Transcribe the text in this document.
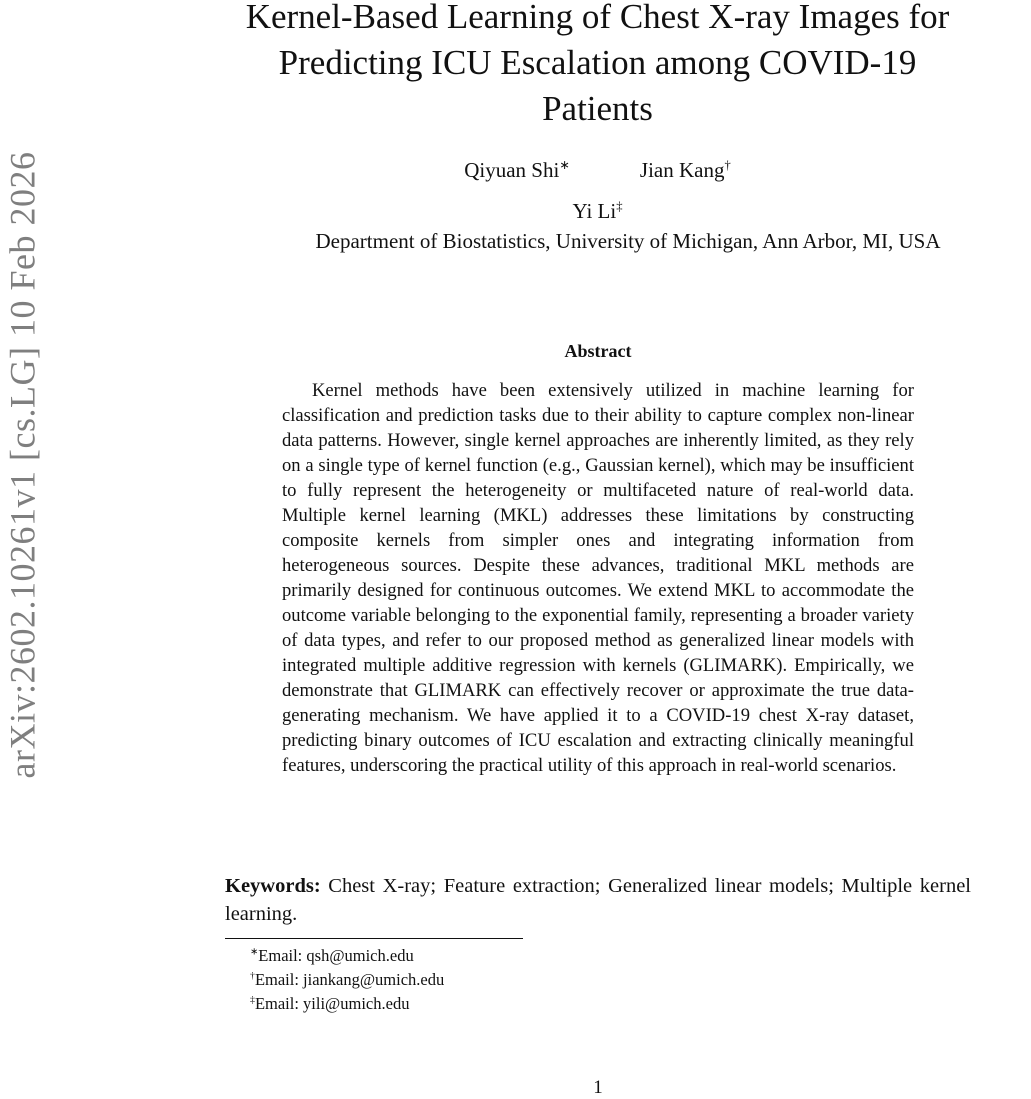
arXiv:2602.10261v1 [cs.LG] 10 Feb 2026
Kernel-Based Learning of Chest X-ray Images for Predicting ICU Escalation among COVID-19 Patients
Qiyuan Shi∗	Jian Kang†
Yi Li‡
Department of Biostatistics, University of Michigan, Ann Arbor, MI, USA
Abstract

Kernel methods have been extensively utilized in machine learning for classification and prediction tasks due to their ability to capture complex non-linear data patterns. However, single kernel approaches are inherently limited, as they rely on a single type of kernel function (e.g., Gaussian kernel), which may be insufficient to fully represent the heterogeneity or multifaceted nature of real-world data. Multiple kernel learning (MKL) addresses these limitations by constructing composite kernels from simpler ones and integrating information from heterogeneous sources. Despite these advances, traditional MKL methods are primarily designed for continuous outcomes. We extend MKL to accommodate the outcome variable belonging to the exponential family, representing a broader variety of data types, and refer to our proposed method as generalized linear models with integrated multiple additive regression with kernels (GLIMARK). Empirically, we demonstrate that GLIMARK can effectively recover or approximate the true data-generating mechanism. We have applied it to a COVID-19 chest X-ray dataset, predicting binary outcomes of ICU escalation and extracting clinically meaningful features, underscoring the practical utility of this approach in real-world scenarios.

Keywords: Chest X-ray; Feature extraction; Generalized linear models; Multiple kernel learning.

∗Email: qsh@umich.edu
†Email: jiankang@umich.edu
‡Email: yili@umich.edu
1
